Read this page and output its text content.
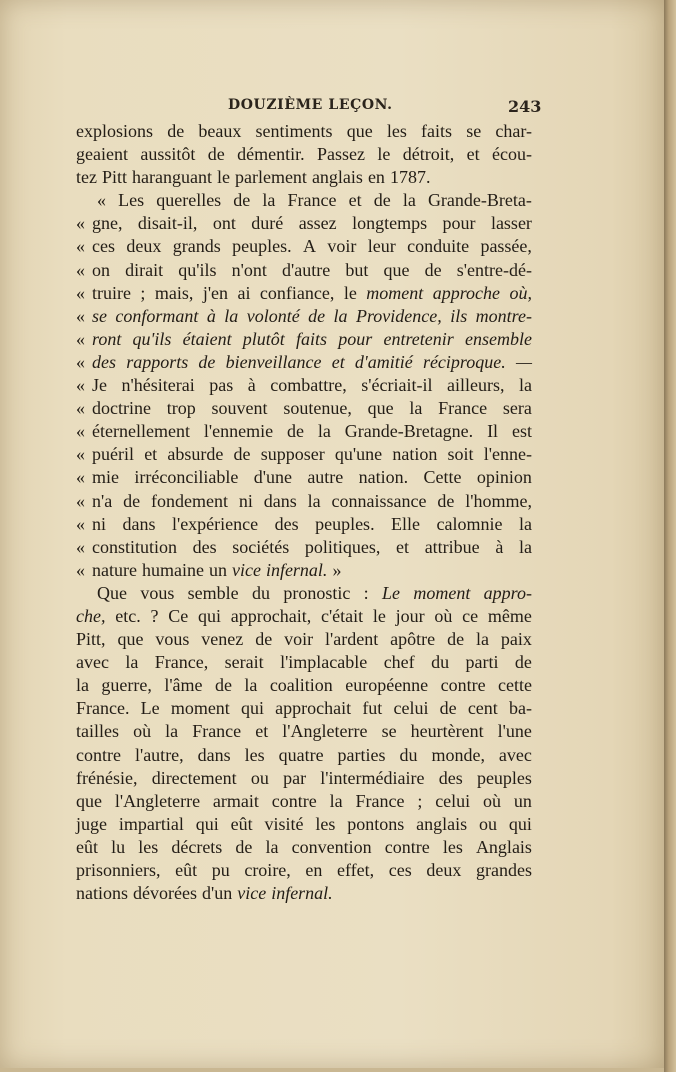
DOUZIÈME LEÇON.	243
explosions de beaux sentiments que les faits se char-
geaient aussitôt de démentir. Passez le détroit, et écou-
tez Pitt haranguant le parlement anglais en 1787.
« Les querelles de la France et de la Grande-Breta-
« gne, disait-il, ont duré assez longtemps pour lasser
« ces deux grands peuples. A voir leur conduite passée,
« on dirait qu'ils n'ont d'autre but que de s'entre-dé-
« truire ; mais, j'en ai confiance, le moment approche où,
« se conformant à la volonté de la Providence, ils montre-
« ront qu'ils étaient plutôt faits pour entretenir ensemble
« des rapports de bienveillance et d'amitié réciproque. —
« Je n'hésiterai pas à combattre, s'écriait-il ailleurs, la
« doctrine trop souvent soutenue, que la France sera
« éternellement l'ennemie de la Grande-Bretagne. Il est
« puéril et absurde de supposer qu'une nation soit l'enne-
« mie irréconciliable d'une autre nation. Cette opinion
« n'a de fondement ni dans la connaissance de l'homme,
« ni dans l'expérience des peuples. Elle calomnie la
« constitution des sociétés politiques, et attribue à la
« nature humaine un vice infernal. »
Que vous semble du pronostic : Le moment appro-
che, etc. ? Ce qui approchait, c'était le jour où ce même
Pitt, que vous venez de voir l'ardent apôtre de la paix
avec la France, serait l'implacable chef du parti de
la guerre, l'âme de la coalition européenne contre cette
France. Le moment qui approchait fut celui de cent ba-
tailles où la France et l'Angleterre se heurtèrent l'une
contre l'autre, dans les quatre parties du monde, avec
frénésie, directement ou par l'intermédiaire des peuples
que l'Angleterre armait contre la France ; celui où un
juge impartial qui eût visité les pontons anglais ou qui
eût lu les décrets de la convention contre les Anglais
prisonniers, eût pu croire, en effet, ces deux grandes
nations dévorées d'un vice infernal.
